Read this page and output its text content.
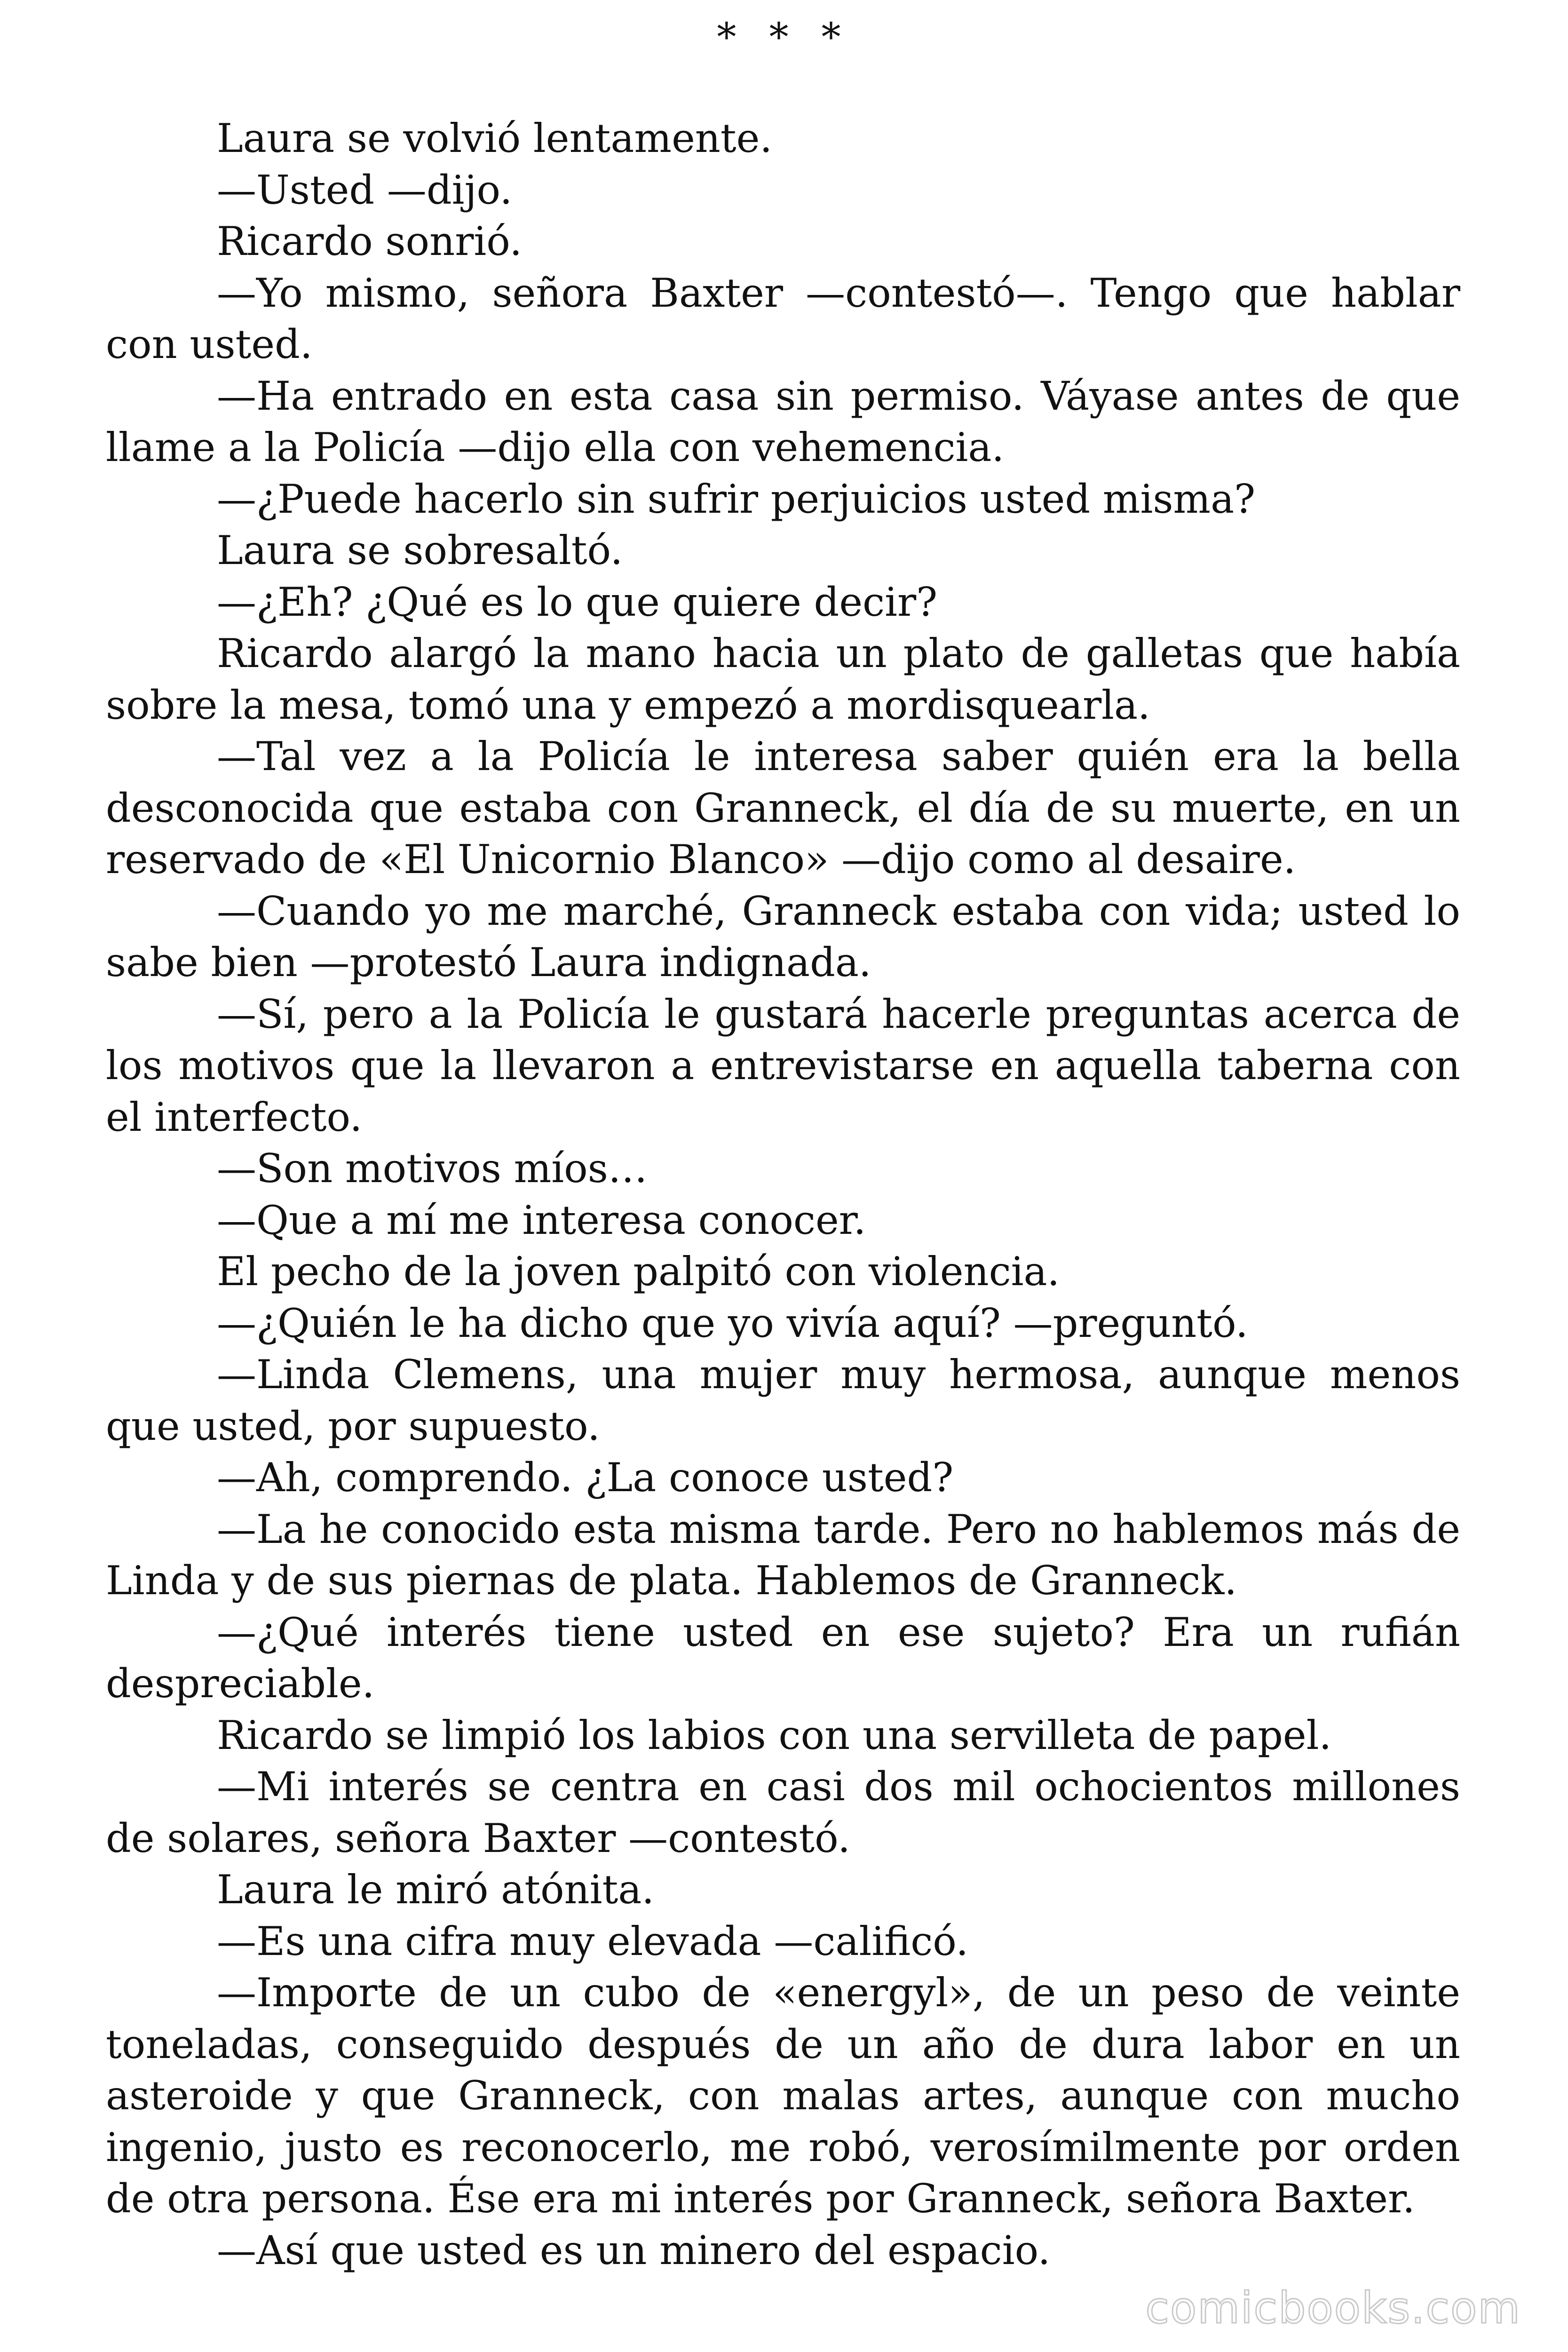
* * *

Laura se volvió lentamente.

—Usted —dijo.

Ricardo sonrió.

—Yo mismo, señora Baxter —contestó—. Tengo que hablar con usted.

—Ha entrado en esta casa sin permiso. Váyase antes de que llame a la Policía —dijo ella con vehemencia.

—¿Puede hacerlo sin sufrir perjuicios usted misma?

Laura se sobresaltó.

—¿Eh? ¿Qué es lo que quiere decir?

Ricardo alargó la mano hacia un plato de galletas que había sobre la mesa, tomó una y empezó a mordisquearla.

—Tal vez a la Policía le interesa saber quién era la bella desconocida que estaba con Granneck, el día de su muerte, en un reservado de «El Unicornio Blanco» —dijo como al desaire.

—Cuando yo me marché, Granneck estaba con vida; usted lo sabe bien —protestó Laura indignada.

—Sí, pero a la Policía le gustará hacerle preguntas acerca de los motivos que la llevaron a entrevistarse en aquella taberna con el interfecto.

—Son motivos míos…

—Que a mí me interesa conocer.

El pecho de la joven palpitó con violencia.

—¿Quién le ha dicho que yo vivía aquí? —preguntó.

—Linda Clemens, una mujer muy hermosa, aunque menos que usted, por supuesto.

—Ah, comprendo. ¿La conoce usted?

—La he conocido esta misma tarde. Pero no hablemos más de Linda y de sus piernas de plata. Hablemos de Granneck.

—¿Qué interés tiene usted en ese sujeto? Era un rufián despreciable.

Ricardo se limpió los labios con una servilleta de papel.

—Mi interés se centra en casi dos mil ochocientos millones de solares, señora Baxter —contestó.

Laura le miró atónita.

—Es una cifra muy elevada —calificó.

—Importe de un cubo de «energyl», de un peso de veinte toneladas, conseguido después de un año de dura labor en un asteroide y que Granneck, con malas artes, aunque con mucho ingenio, justo es reconocerlo, me robó, verosímilmente por orden de otra persona. Ése era mi interés por Granneck, señora Baxter.

—Así que usted es un minero del espacio.

comicbooks.com
